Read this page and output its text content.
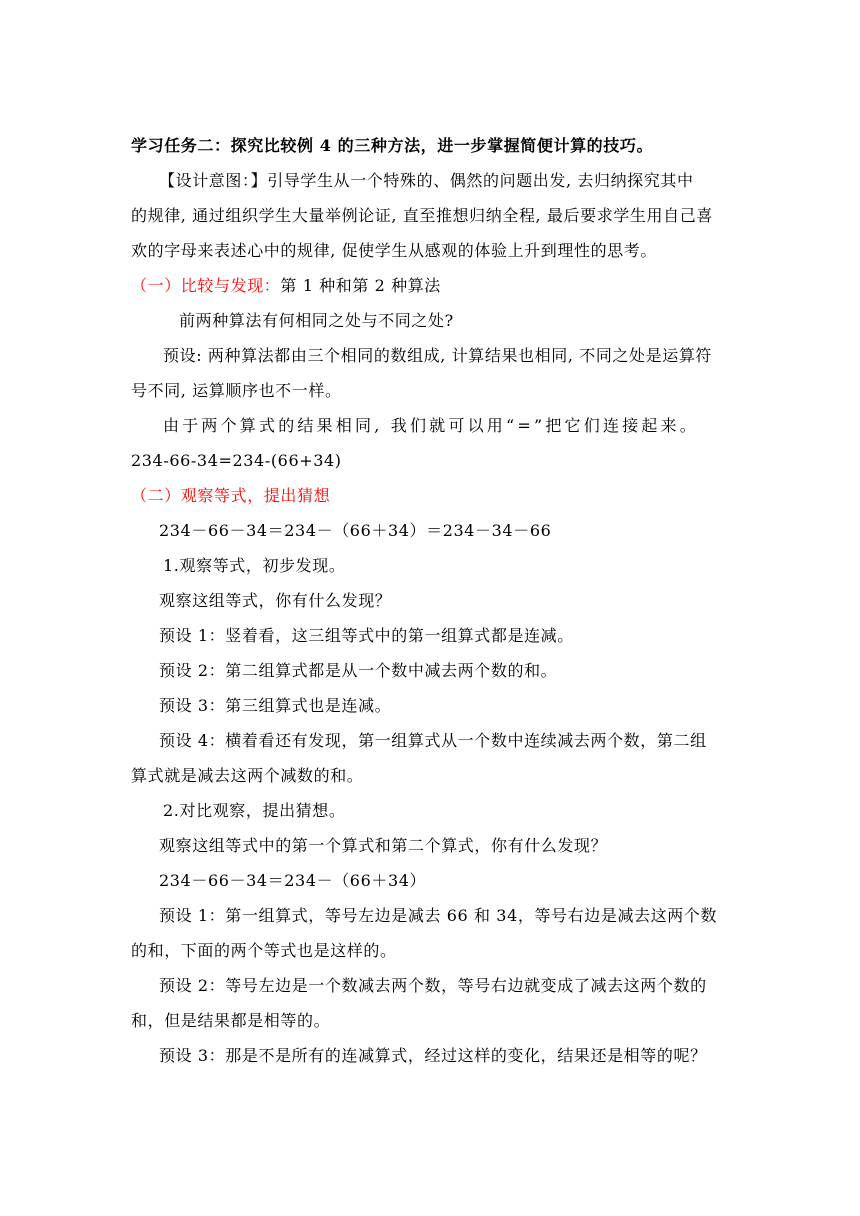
学习任务二：探究比较例 4 的三种方法，进一步掌握简便计算的技巧。
【设计意图：】引导学生从一个特殊的、偶然的问题出发, 去归纳探究其中
的规律, 通过组织学生大量举例论证, 直至推想归纳全程, 最后要求学生用自己喜
欢的字母来表述心中的规律, 促使学生从感观的体验上升到理性的思考。
（一）比较与发现：第 1 种和第 2 种算法
前两种算法有何相同之处与不同之处?
预设: 两种算法都由三个相同的数组成, 计算结果也相同, 不同之处是运算符
号不同, 运算顺序也不一样。
由于两个算式的结果相同, 我们就可以用“=”把它们连接起来。
234-66-34=234-(66+34)
（二）观察等式，提出猜想
234－66－34＝234－（66＋34）＝234－34－66
1.观察等式，初步发现。
观察这组等式，你有什么发现？
预设 1：竖着看，这三组等式中的第一组算式都是连减。
预设 2：第二组算式都是从一个数中减去两个数的和。
预设 3：第三组算式也是连减。
预设 4：横着看还有发现，第一组算式从一个数中连续减去两个数，第二组
算式就是减去这两个减数的和。
2.对比观察，提出猜想。
观察这组等式中的第一个算式和第二个算式，你有什么发现？
234－66－34＝234－（66＋34）
预设 1：第一组算式，等号左边是减去 66 和 34，等号右边是减去这两个数
的和，下面的两个等式也是这样的。
预设 2：等号左边是一个数减去两个数，等号右边就变成了减去这两个数的
和，但是结果都是相等的。
预设 3：那是不是所有的连减算式，经过这样的变化，结果还是相等的呢？
